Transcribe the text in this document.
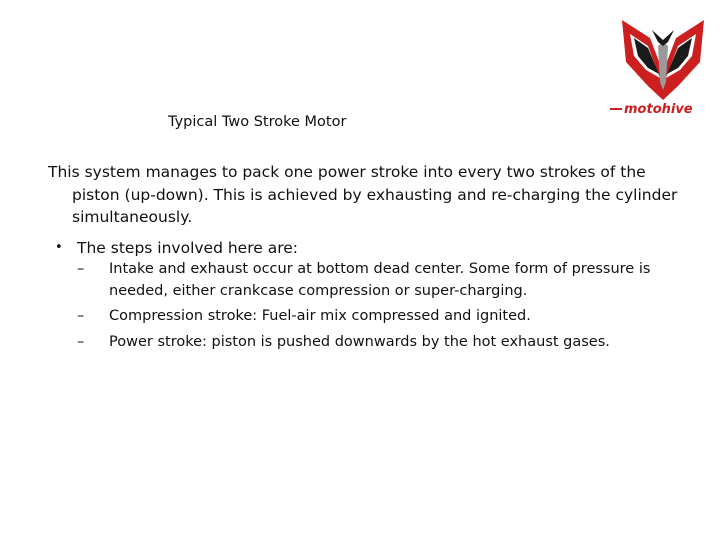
motohive
Typical Two Stroke Motor

This system manages to pack one power stroke into every two strokes of the piston (up-down). This is achieved by exhausting and re-charging the cylinder simultaneously.

• The steps involved here are:
– Intake and exhaust occur at bottom dead center. Some form of pressure is needed, either crankcase compression or super-charging.
– Compression stroke: Fuel-air mix compressed and ignited.
– Power stroke: piston is pushed downwards by the hot exhaust gases.
